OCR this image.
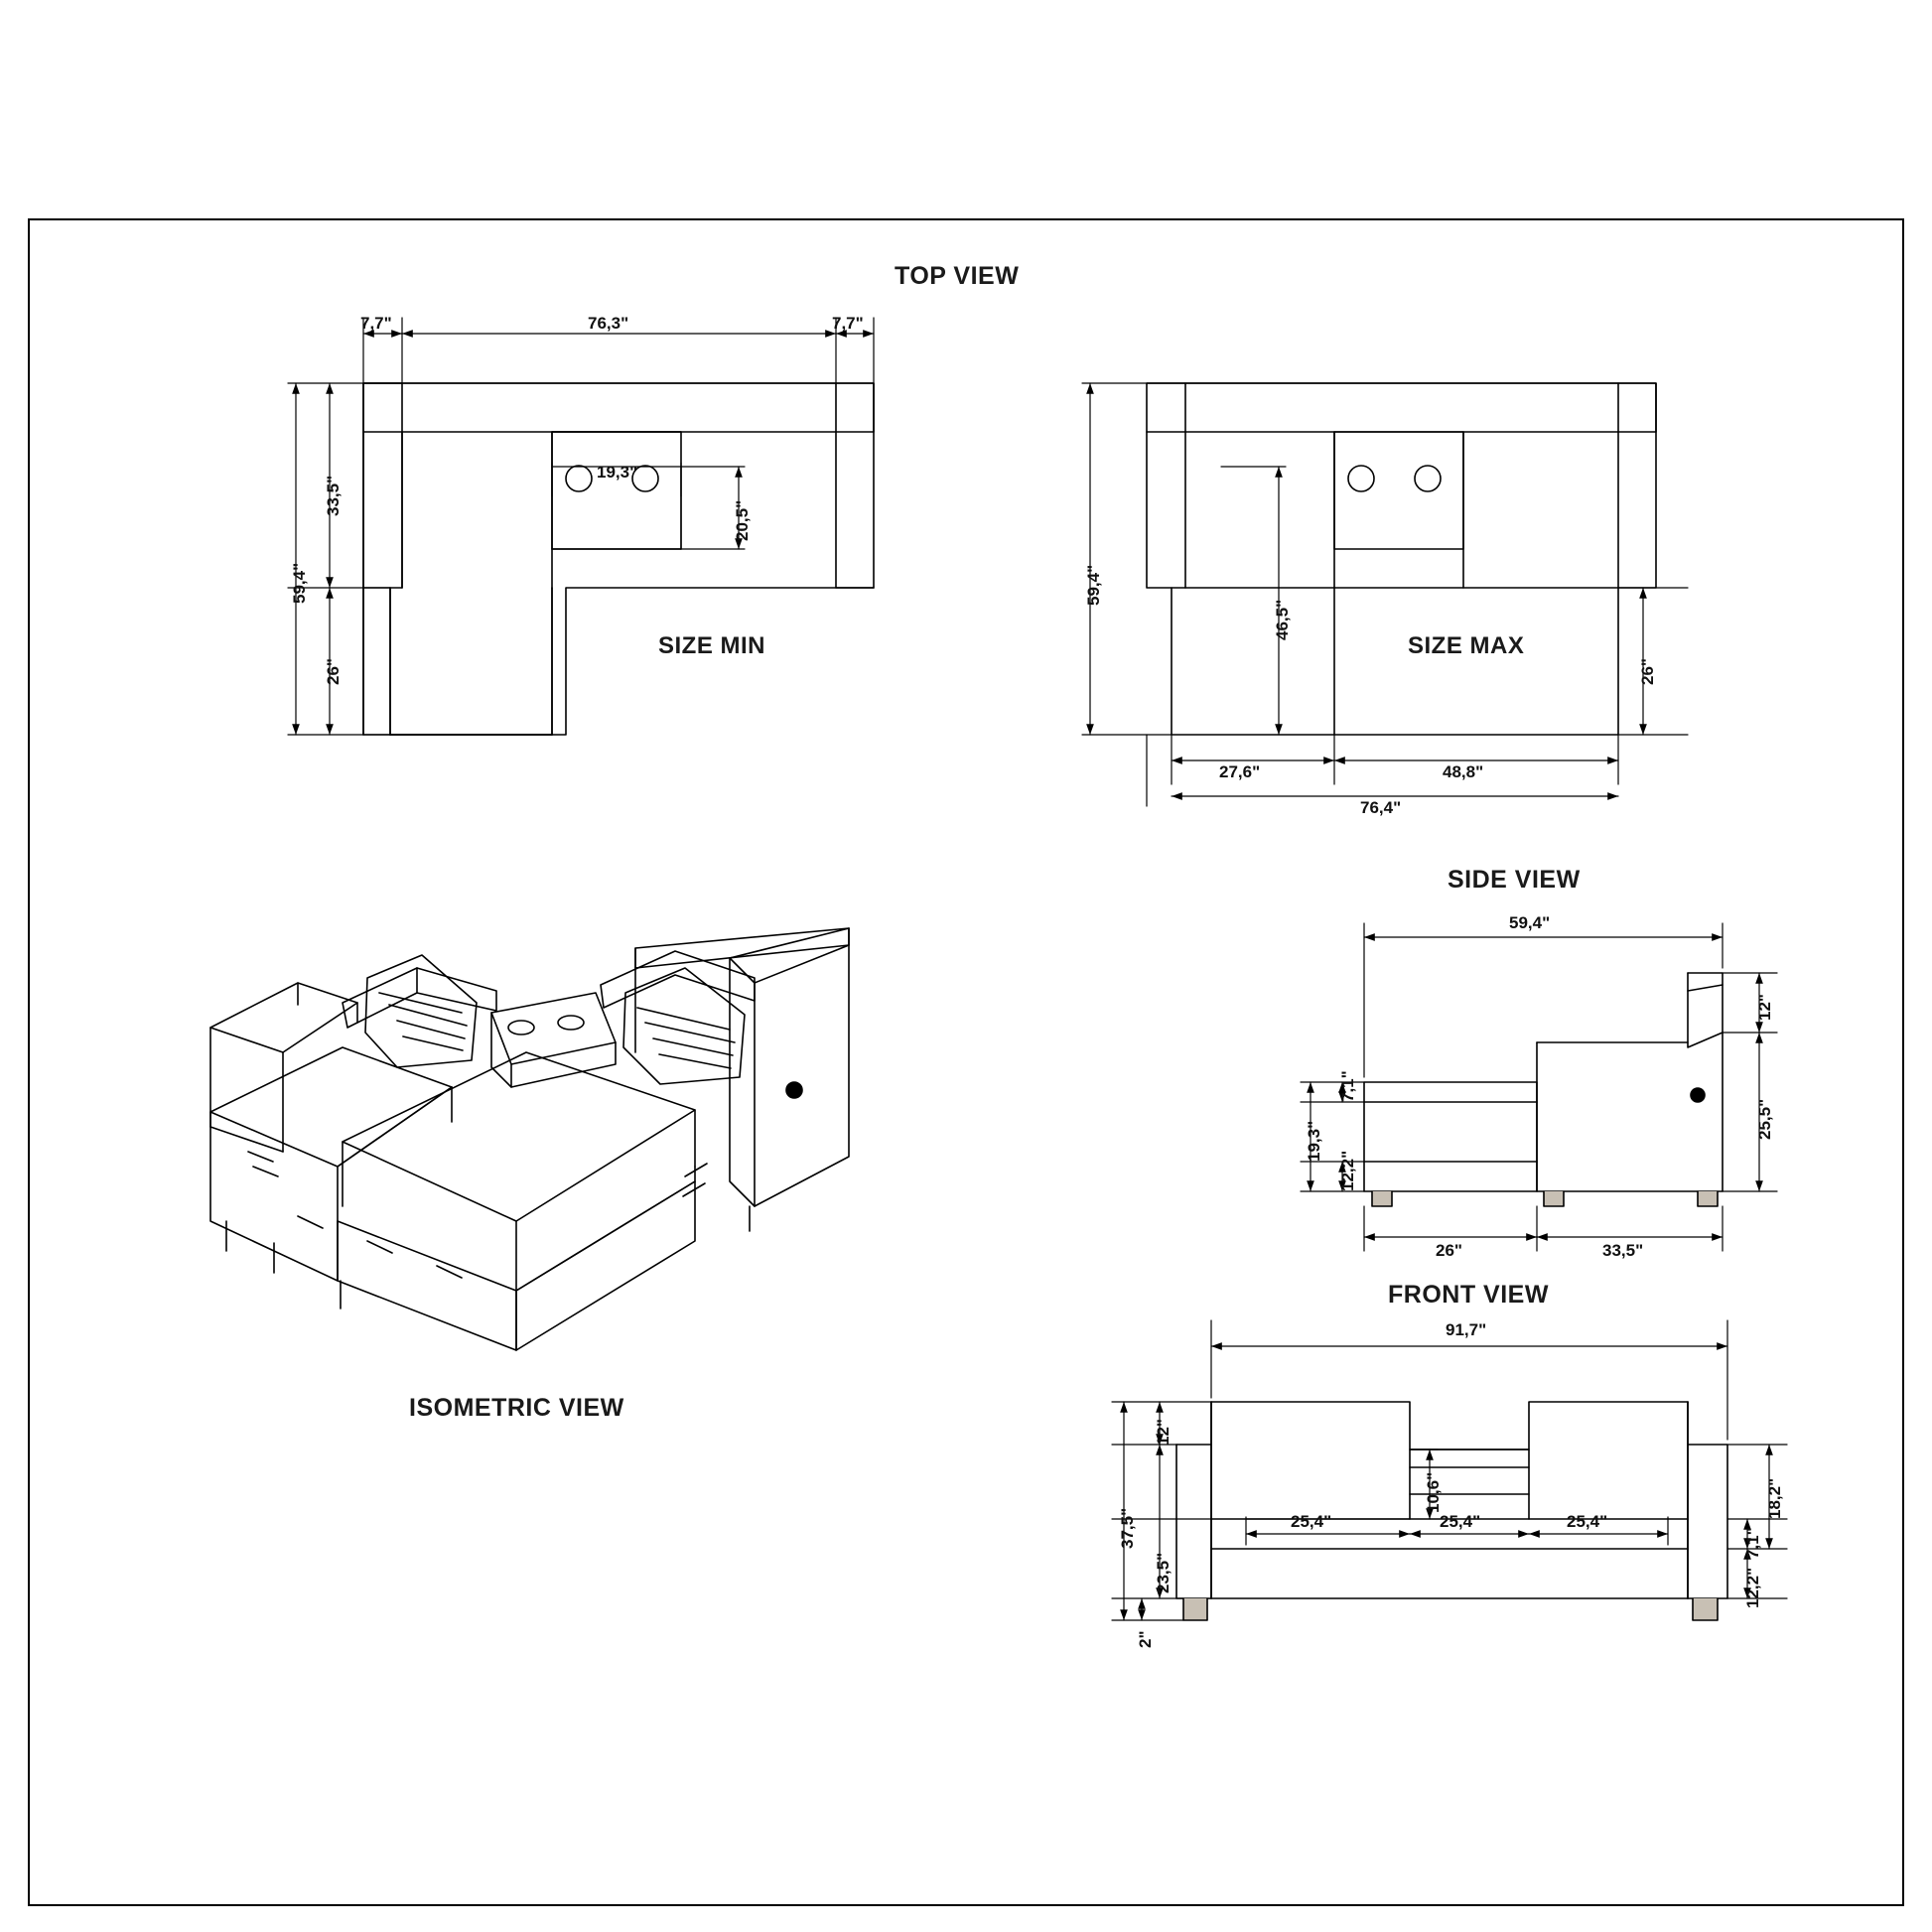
TOP VIEW
SIZE MIN	SIZE MAX
SIDE VIEW
FRONT VIEW
ISOMETRIC VIEW
7,7"	76,3"	7,7"
33,5"
59,4"
26"
19,3"
20,5"
59,4"
46,5"
26"
27,6"	48,8"
76,4"
59,4"
12"
25,5"
19,3"
7,1"
12,2"
26"	33,5"
91,7"
37,5"
23,5"
12"
10,6"
25,4"	25,4"	25,4"
18,2"
7,1"
12,2"
2"
